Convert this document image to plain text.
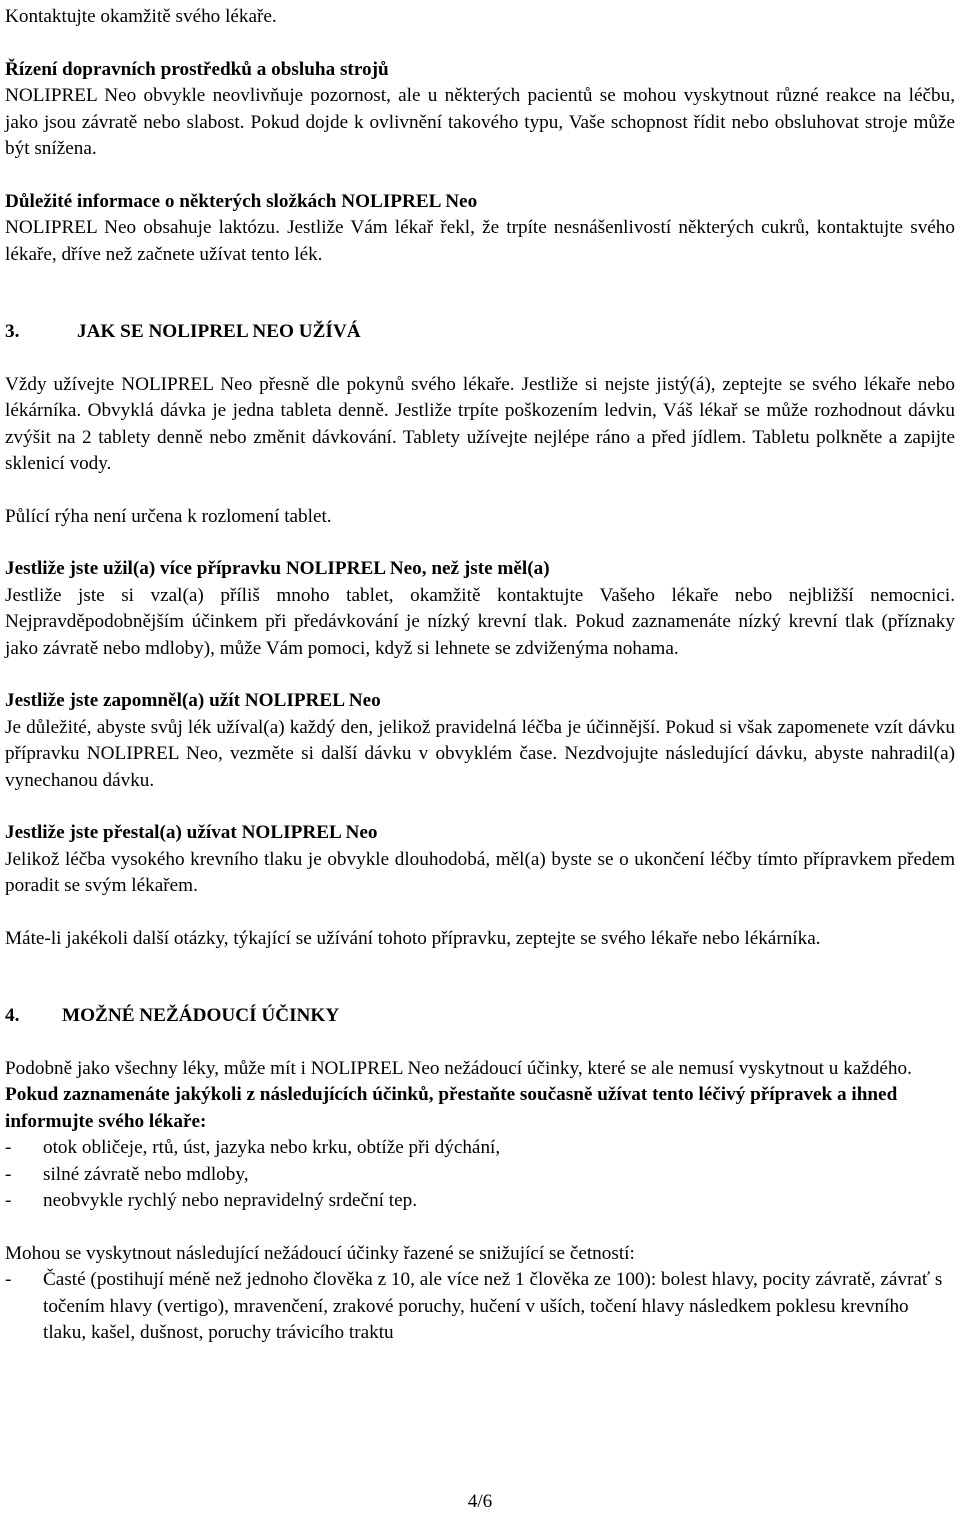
Kontaktujte okamžitě svého lékaře.

Řízení dopravních prostředků a obsluha strojů

NOLIPREL Neo obvykle neovlivňuje pozornost, ale u některých pacientů se mohou vyskytnout různé reakce na léčbu, jako jsou závratě nebo slabost. Pokud dojde k ovlivnění takového typu, Vaše schopnost řídit nebo obsluhovat stroje může být snížena.

Důležité informace o některých složkách NOLIPREL Neo

NOLIPREL Neo obsahuje laktózu. Jestliže Vám lékař řekl, že trpíte nesnášenlivostí některých cukrů, kontaktujte svého lékaře, dříve než začnete užívat tento lék.

3.	JAK SE NOLIPREL NEO UŽÍVÁ

Vždy užívejte NOLIPREL Neo přesně dle pokynů svého lékaře. Jestliže si nejste jistý(á), zeptejte se svého lékaře nebo lékárníka. Obvyklá dávka je jedna tableta denně. Jestliže trpíte poškozením ledvin, Váš lékař se může rozhodnout dávku zvýšit na 2 tablety denně nebo změnit dávkování. Tablety užívejte nejlépe ráno a před jídlem. Tabletu polkněte a zapijte sklenicí vody.

Půlící rýha není určena k rozlomení tablet.

Jestliže jste užil(a) více přípravku NOLIPREL Neo, než jste měl(a)

Jestliže jste si vzal(a) příliš mnoho tablet, okamžitě kontaktujte Vašeho lékaře nebo nejbližší nemocnici. Nejpravděpodobnějším účinkem při předávkování je nízký krevní tlak. Pokud zaznamenáte nízký krevní tlak (příznaky jako závratě nebo mdloby), může Vám pomoci, když si lehnete se zdviženýma nohama.

Jestliže jste zapomněl(a) užít NOLIPREL Neo

Je důležité, abyste svůj lék užíval(a) každý den, jelikož pravidelná léčba je účinnější. Pokud si však zapomenete vzít dávku přípravku NOLIPREL Neo, vezměte si další dávku v obvyklém čase. Nezdvojujte následující dávku, abyste nahradil(a) vynechanou dávku.

Jestliže jste přestal(a) užívat NOLIPREL Neo

Jelikož léčba vysokého krevního tlaku je obvykle dlouhodobá, měl(a) byste se o ukončení léčby tímto přípravkem předem poradit se svým lékařem.

Máte-li jakékoli další otázky, týkající se užívání tohoto přípravku, zeptejte se svého lékaře nebo lékárníka.

4.	MOŽNÉ NEŽÁDOUCÍ ÚČINKY

Podobně jako všechny léky, může mít i NOLIPREL Neo nežádoucí účinky, které se ale nemusí vyskytnout u každého.

Pokud zaznamenáte jakýkoli z následujících účinků, přestaňte současně užívat tento léčivý přípravek a ihned informujte svého lékaře:

-	otok obličeje, rtů, úst, jazyka nebo krku, obtíže při dýchání,
-	silné závratě nebo mdloby,
-	neobvykle rychlý nebo nepravidelný srdeční tep.

Mohou se vyskytnout následující nežádoucí účinky řazené se snižující se četností:

-	Časté (postihují méně než jednoho člověka z 10, ale více než 1 člověka ze 100): bolest hlavy, pocity závratě, závrať s točením hlavy (vertigo), mravenčení, zrakové poruchy, hučení v uších, točení hlavy následkem poklesu krevního tlaku, kašel, dušnost, poruchy trávicího traktu
4/6
